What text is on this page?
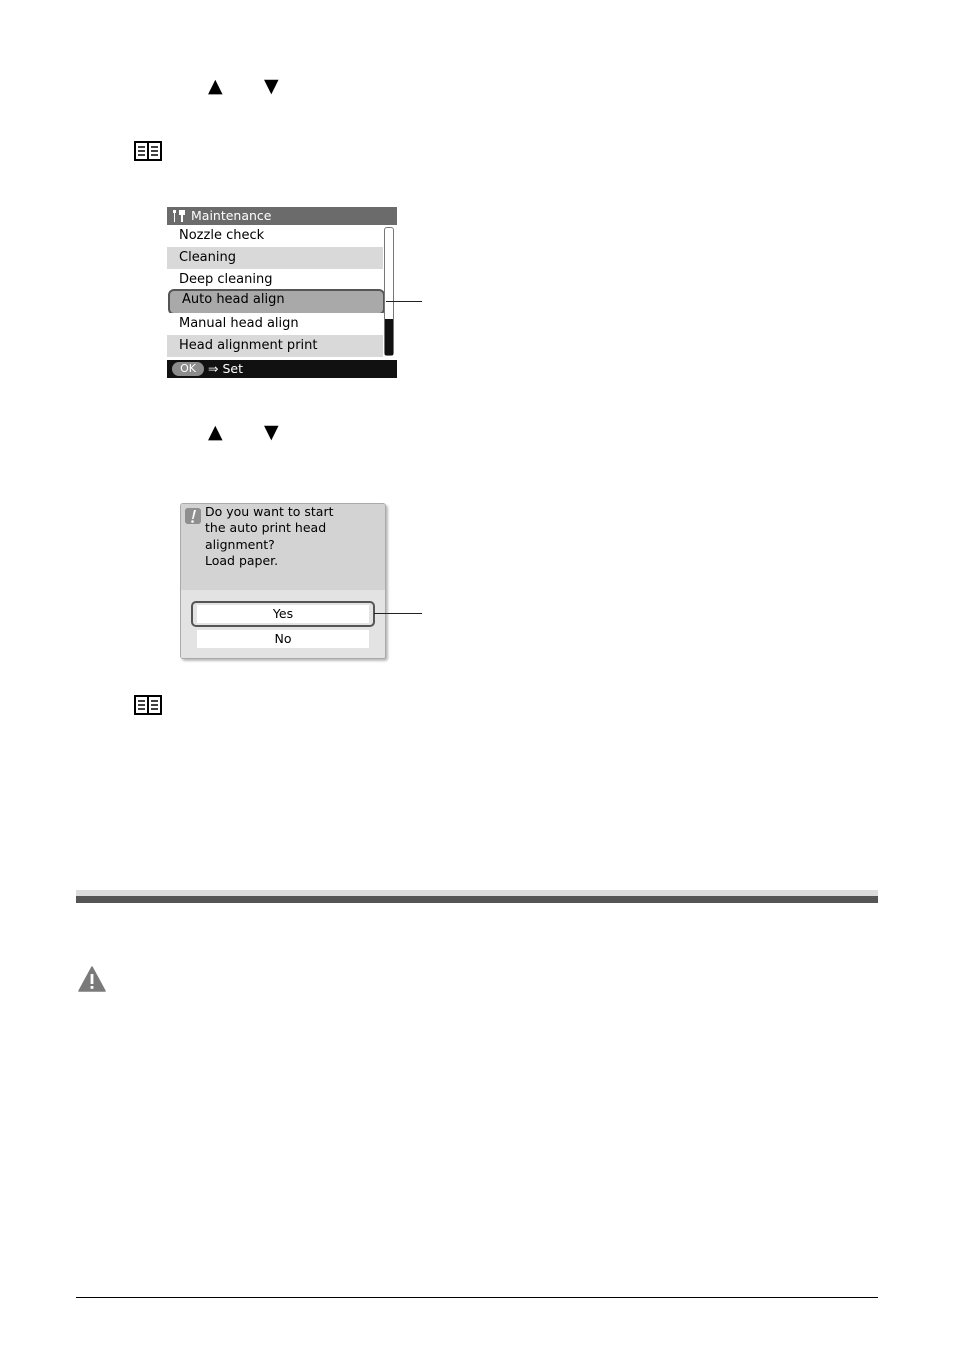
▲ ▼
Maintenance
Nozzle check
Cleaning
Deep cleaning
Auto head align
Manual head align
Head alignment print
OK ⇒ Set
▲ ▼
Do you want to start
the auto print head
alignment?
Load paper.
Yes
No
